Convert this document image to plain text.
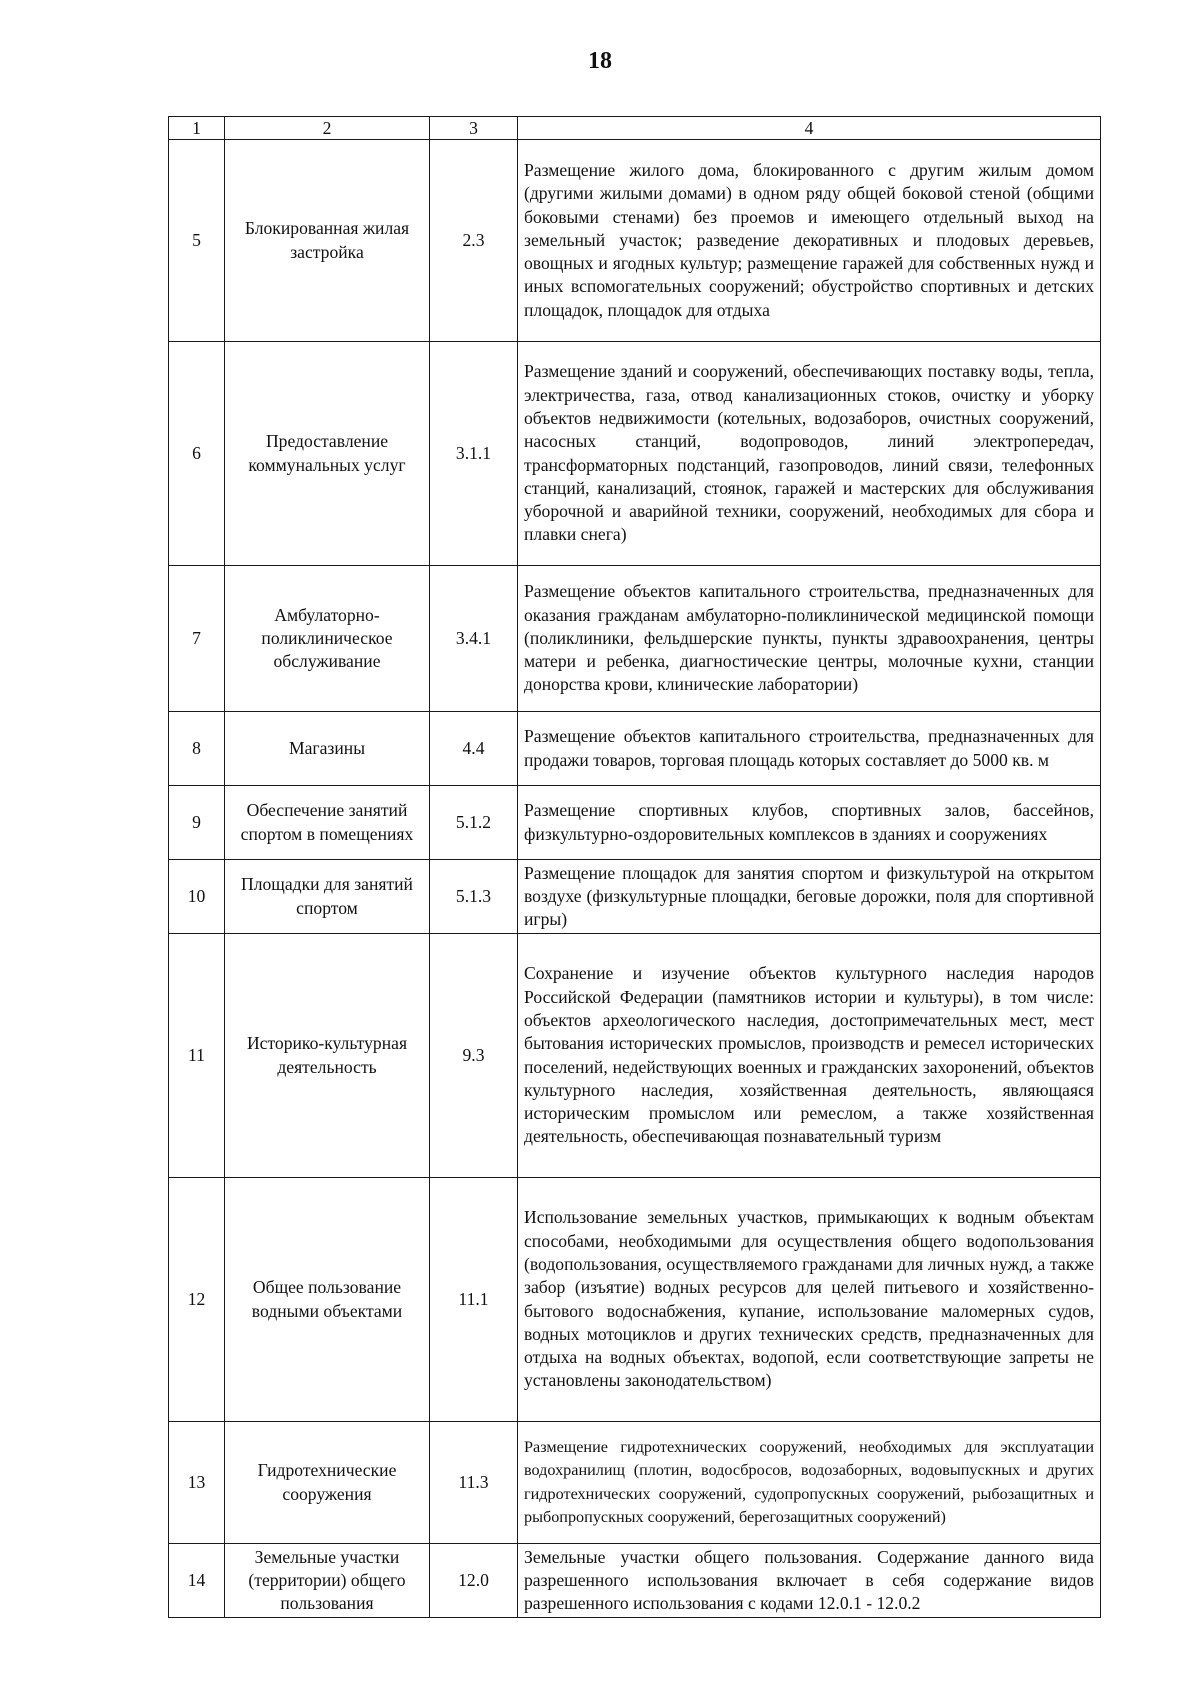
18
1	2	3	4
5	Блокированная жилая застройка	2.3	Размещение жилого дома, блокированного с другим жилым домом (другими жилыми домами) в одном ряду общей боковой стеной (общими боковыми стенами) без проемов и имеющего отдельный выход на земельный участок; разведение декоративных и плодовых деревьев, овощных и ягодных культур; размещение гаражей для собственных нужд и иных вспомогательных сооружений; обустройство спортивных и детских площадок, площадок для отдыха
6	Предоставление коммунальных услуг	3.1.1	Размещение зданий и сооружений, обеспечивающих поставку воды, тепла, электричества, газа, отвод канализационных стоков, очистку и уборку объектов недвижимости (котельных, водозаборов, очистных сооружений, насосных станций, водопроводов, линий электропередач, трансформаторных подстанций, газопроводов, линий связи, телефонных станций, канализаций, стоянок, гаражей и мастерских для обслуживания уборочной и аварийной техники, сооружений, необходимых для сбора и плавки снега)
7	Амбулаторно-поликлиническое обслуживание	3.4.1	Размещение объектов капитального строительства, предназначенных для оказания гражданам амбулаторно-поликлинической медицинской помощи (поликлиники, фельдшерские пункты, пункты здравоохранения, центры матери и ребенка, диагностические центры, молочные кухни, станции донорства крови, клинические лаборатории)
8	Магазины	4.4	Размещение объектов капитального строительства, предназначенных для продажи товаров, торговая площадь которых составляет до 5000 кв. м
9	Обеспечение занятий спортом в помещениях	5.1.2	Размещение спортивных клубов, спортивных залов, бассейнов, физкультурно-оздоровительных комплексов в зданиях и сооружениях
10	Площадки для занятий спортом	5.1.3	Размещение площадок для занятия спортом и физкультурой на открытом воздухе (физкультурные площадки, беговые дорожки, поля для спортивной игры)
11	Историко-культурная деятельность	9.3	Сохранение и изучение объектов культурного наследия народов Российской Федерации (памятников истории и культуры), в том числе: объектов археологического наследия, достопримечательных мест, мест бытования исторических промыслов, производств и ремесел исторических поселений, недействующих военных и гражданских захоронений, объектов культурного наследия, хозяйственная деятельность, являющаяся историческим промыслом или ремеслом, а также хозяйственная деятельность, обеспечивающая познавательный туризм
12	Общее пользование водными объектами	11.1	Использование земельных участков, примыкающих к водным объектам способами, необходимыми для осуществления общего водопользования (водопользования, осуществляемого гражданами для личных нужд, а также забор (изъятие) водных ресурсов для целей питьевого и хозяйственно-бытового водоснабжения, купание, использование маломерных судов, водных мотоциклов и других технических средств, предназначенных для отдыха на водных объектах, водопой, если соответствующие запреты не установлены законодательством)
13	Гидротехнические сооружения	11.3	Размещение гидротехнических сооружений, необходимых для эксплуатации водохранилищ (плотин, водосбросов, водозаборных, водовыпускных и других гидротехнических сооружений, судопропускных сооружений, рыбозащитных и рыбопропускных сооружений, берегозащитных сооружений)
14	Земельные участки (территории) общего пользования	12.0	Земельные участки общего пользования. Содержание данного вида разрешенного использования включает в себя содержание видов разрешенного использования с кодами 12.0.1 - 12.0.2
